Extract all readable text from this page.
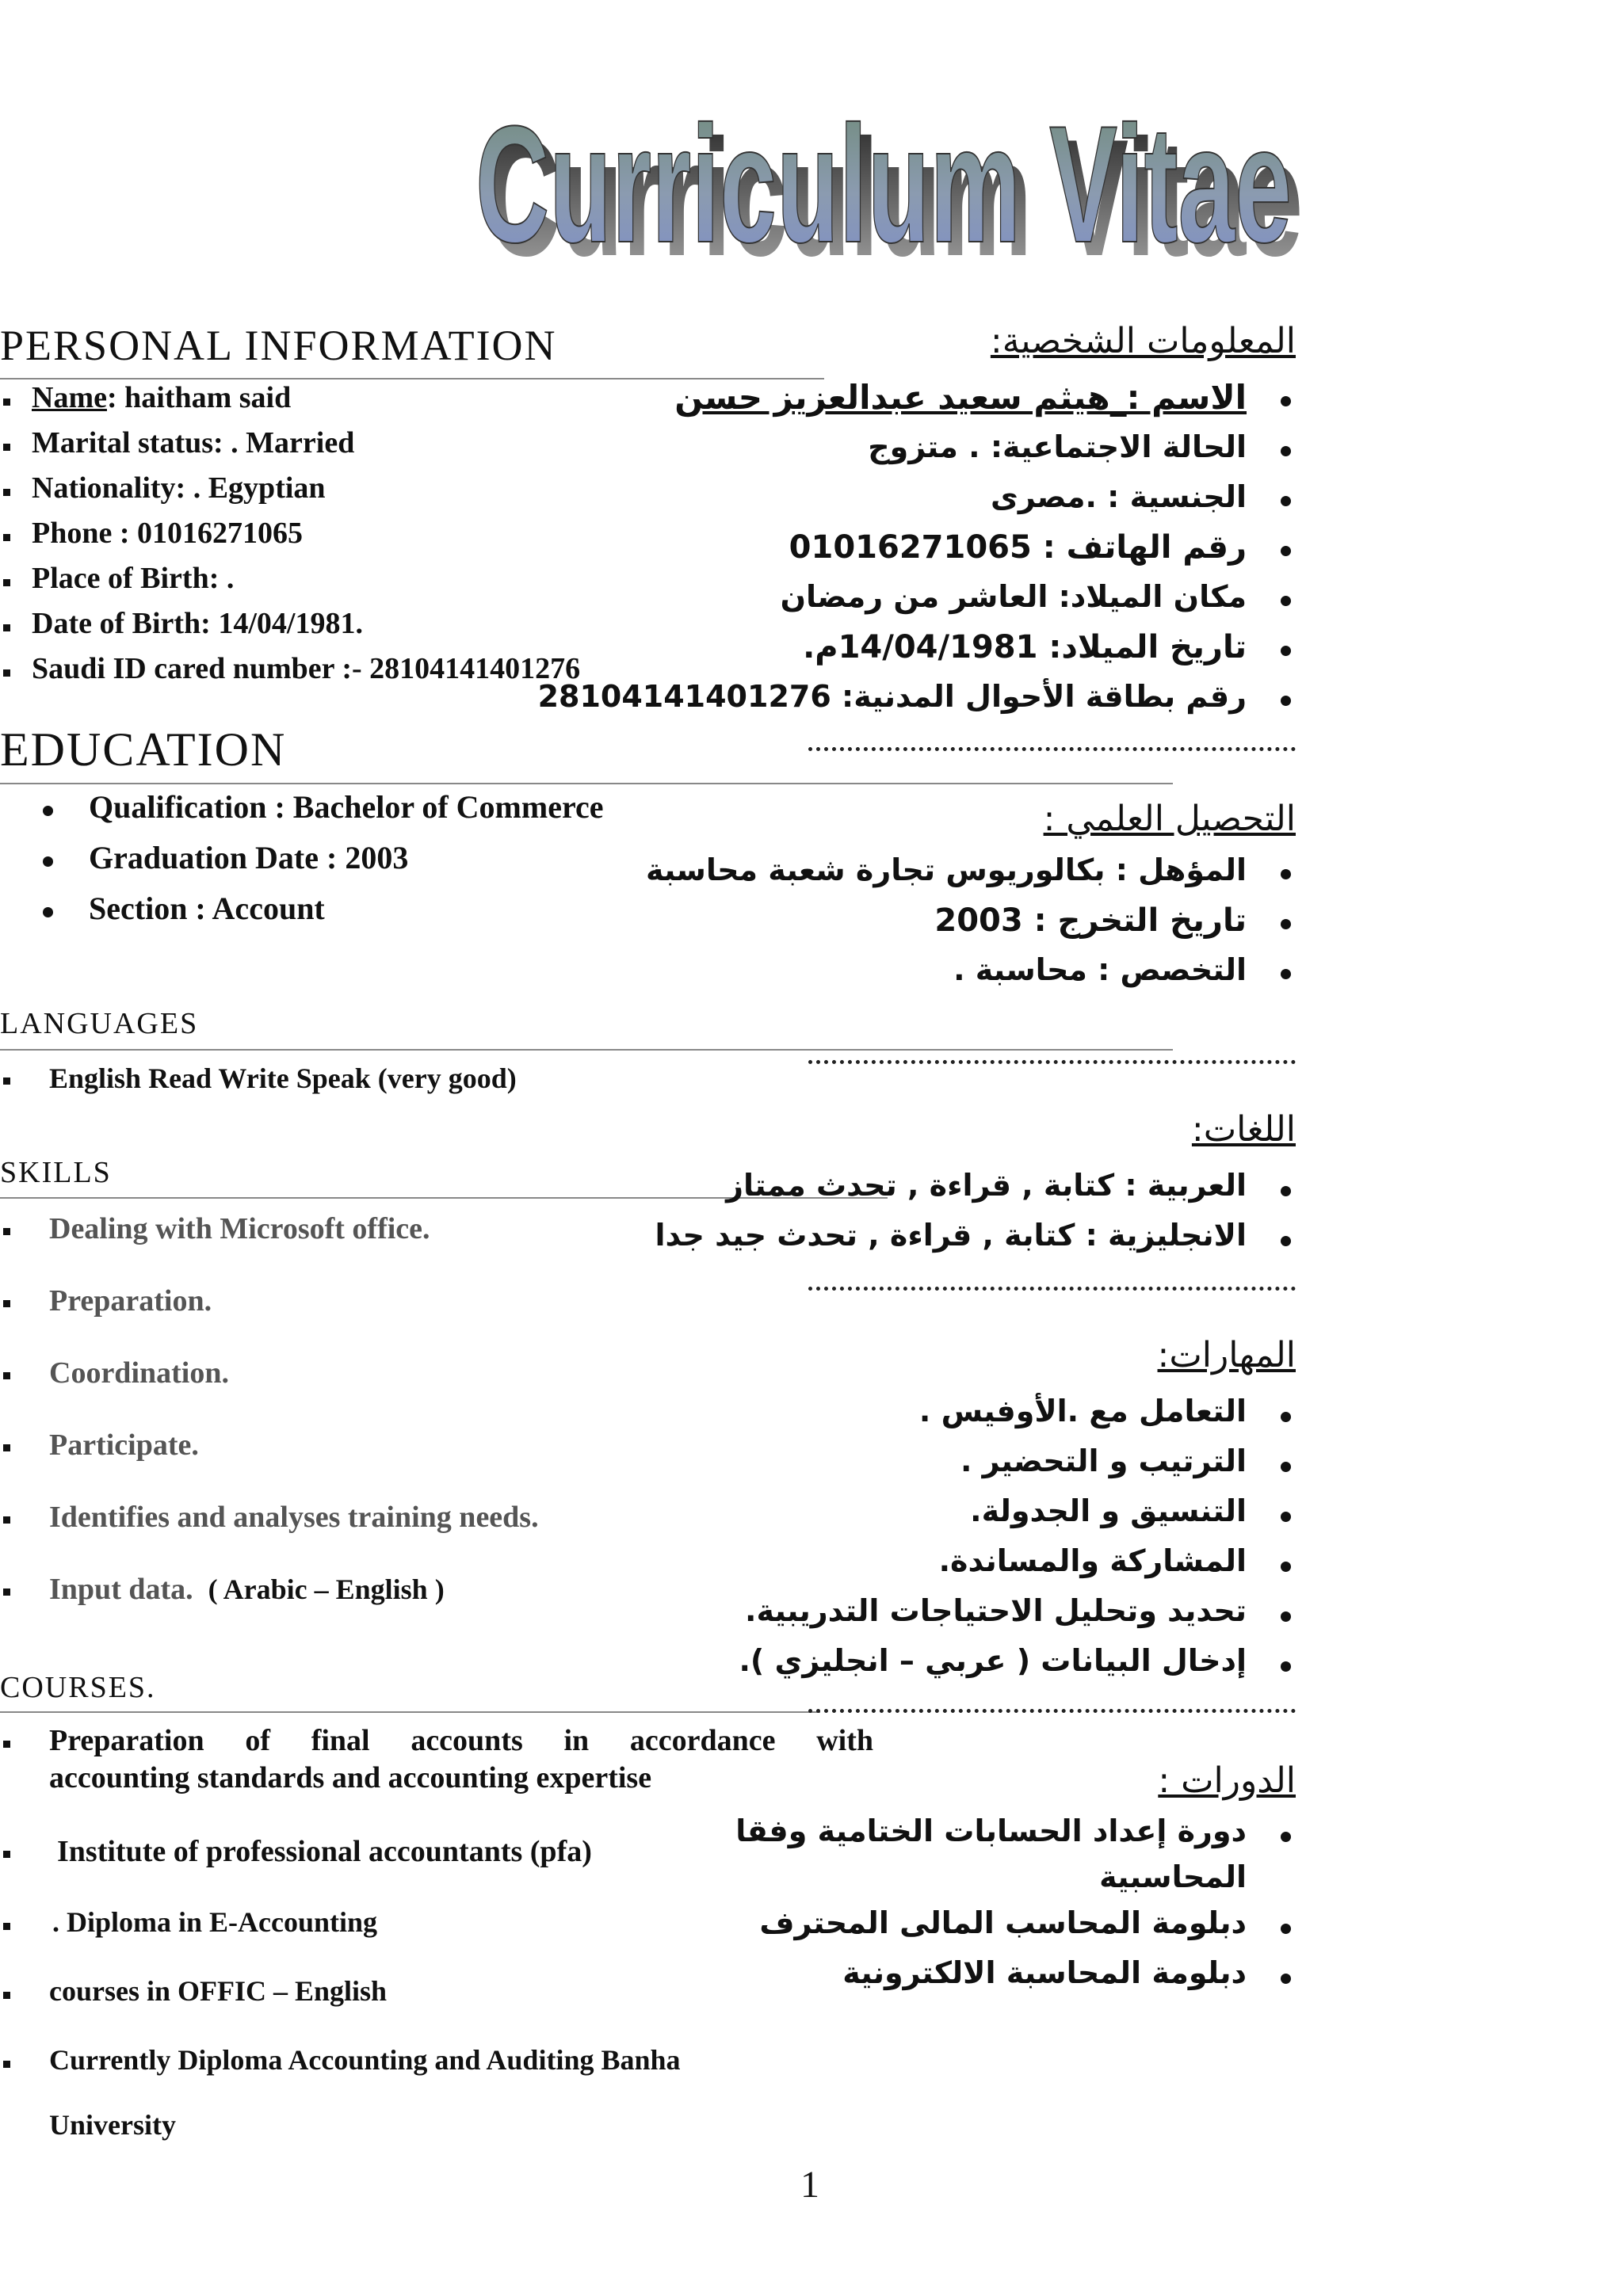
Curriculum Vitae
Curriculum Vitae
PERSONAL INFORMATION
Name: haitham said
Marital status: . Married
Nationality: . Egyptian
Phone : 01016271065
Place of Birth: .
Date of Birth: 14/04/1981.
Saudi ID cared number :- 28104141401276
EDUCATION
Qualification : Bachelor of Commerce
Graduation Date : 2003
Section : Account
LANGUAGES
English Read Write Speak (very good)
SKILLS
Dealing with Microsoft office.
Preparation.
Coordination.
Participate.
Identifies and analyses training needs.
Input data. ( Arabic – English )
COURSES.
Preparation of final accounts in accordance with
accounting standards and accounting expertise
Institute of professional accountants (pfa)
. Diploma in E-Accounting
courses in OFFIC – English
Currently Diploma Accounting and Auditing Banha
University
المعلومات الشخصية:
الاسم :_هيثم سعيد عبدالعزيز حسن
الحالة الاجتماعية: . متزوج
الجنسية : .مصرى
رقم الهاتف : 01016271065
مكان الميلاد: العاشر من رمضان
تاريخ الميلاد: 14/04/1981م.
رقم بطاقة الأحوال المدنية: 28104141401276
التحصيل العلمي :
المؤهل : بكالوريوس تجارة شعبة محاسبة
تاريخ التخرج : 2003
التخصص : محاسبة .
اللغات:
العربية : كتابة , قراءة , تحدث ممتاز
الانجليزية : كتابة , قراءة , تحدث جيد جدا
المهارات:
التعامل مع .الأوفيس .
الترتيب و التحضير .
التنسيق و الجدولة.
المشاركة والمساندة.
تحديد وتحليل الاحتياجات التدريبية.
إدخال البيانات ( عربي – انجليزي ).
الدورات :
دورة إعداد الحسابات الختامية وفقا
المحاسبية
دبلومة المحاسب المالى المحترف
دبلومة المحاسبة الالكترونية
1
